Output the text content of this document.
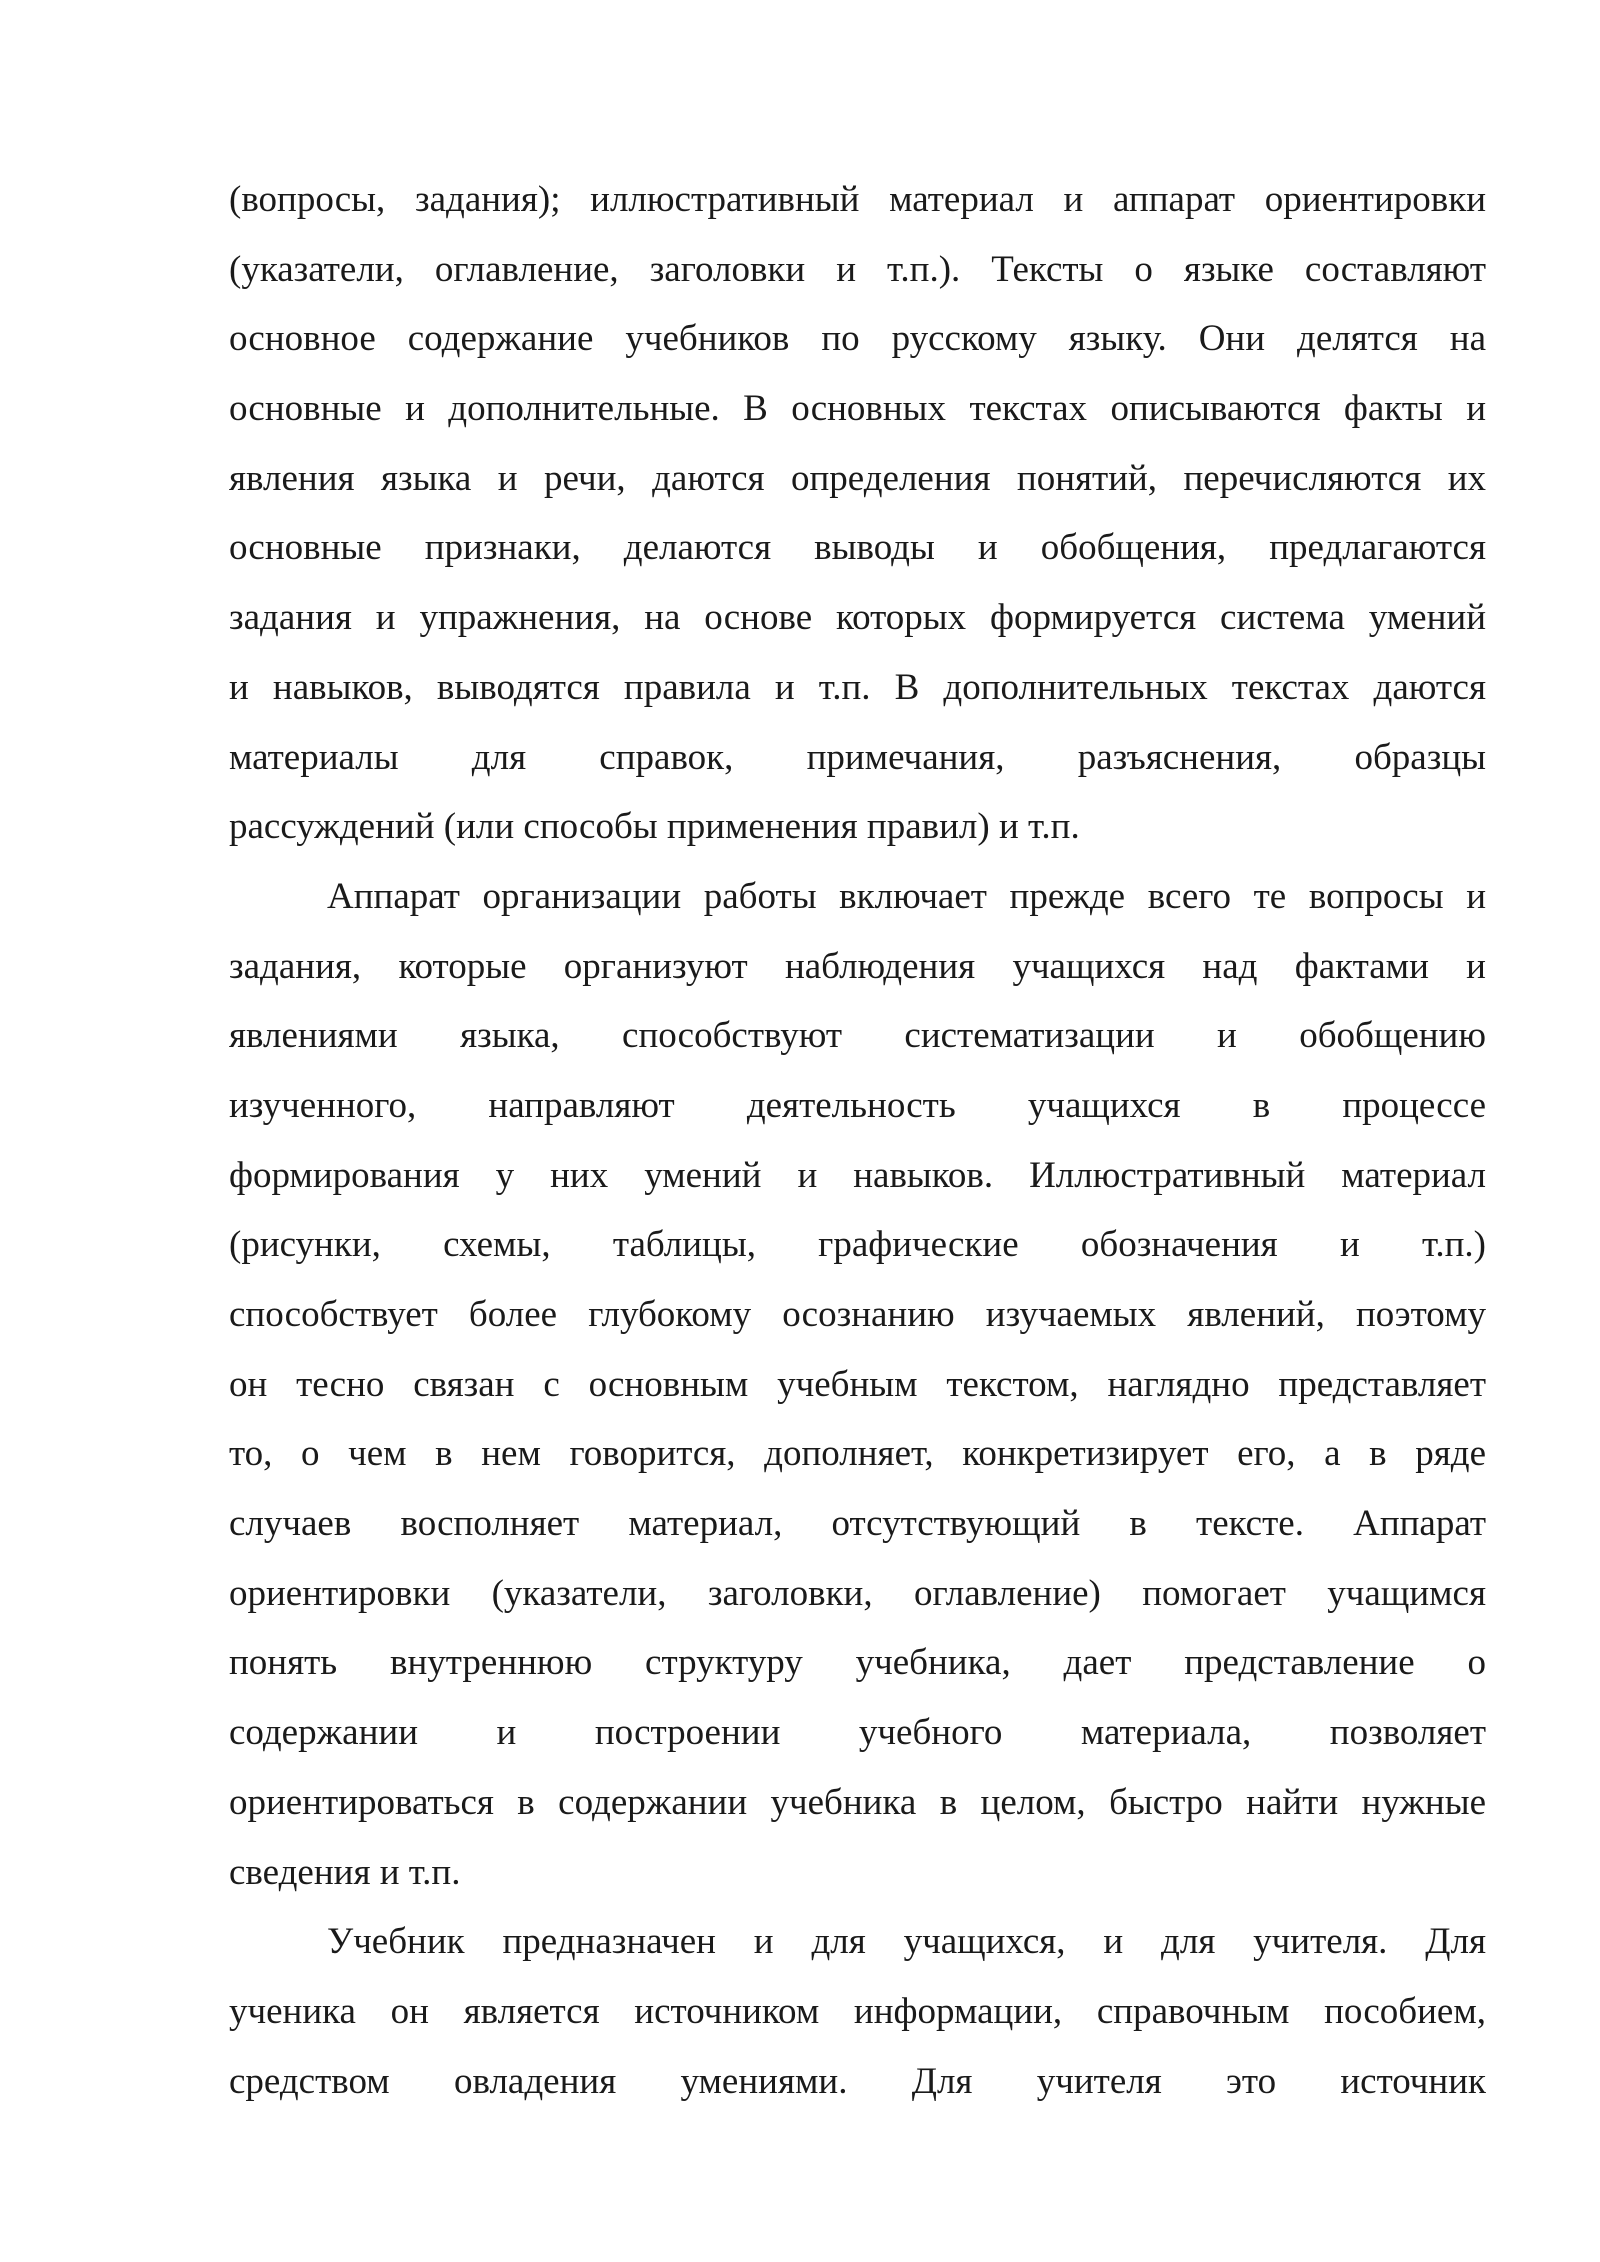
(вопросы, задания); иллюстративный материал и аппарат ориентировки
(указатели, оглавление, заголовки и т.п.). Тексты о языке составляют
основное содержание учебников по русскому языку. Они делятся на
основные и дополнительные. В основных текстах описываются факты и
явления языка и речи, даются определения понятий, перечисляются их
основные признаки, делаются выводы и обобщения, предлагаются
задания и упражнения, на основе которых формируется система умений
и навыков, выводятся правила и т.п. В дополнительных текстах даются
материалы для справок, примечания, разъяснения, образцы
рассуждений (или способы применения правил) и т.п.
Аппарат организации работы включает прежде всего те вопросы и
задания, которые организуют наблюдения учащихся над фактами и
явлениями языка, способствуют систематизации и обобщению
изученного, направляют деятельность учащихся в процессе
формирования у них умений и навыков. Иллюстративный материал
(рисунки, схемы, таблицы, графические обозначения и т.п.)
способствует более глубокому осознанию изучаемых явлений, поэтому
он тесно связан с основным учебным текстом, наглядно представляет
то, о чем в нем говорится, дополняет, конкретизирует его, а в ряде
случаев восполняет материал, отсутствующий в тексте. Аппарат
ориентировки (указатели, заголовки, оглавление) помогает учащимся
понять внутреннюю структуру учебника, дает представление о
содержании и построении учебного материала, позволяет
ориентироваться в содержании учебника в целом, быстро найти нужные
сведения и т.п.
Учебник предназначен и для учащихся, и для учителя. Для
ученика он является источником информации, справочным пособием,
средством овладения умениями. Для учителя это источник
